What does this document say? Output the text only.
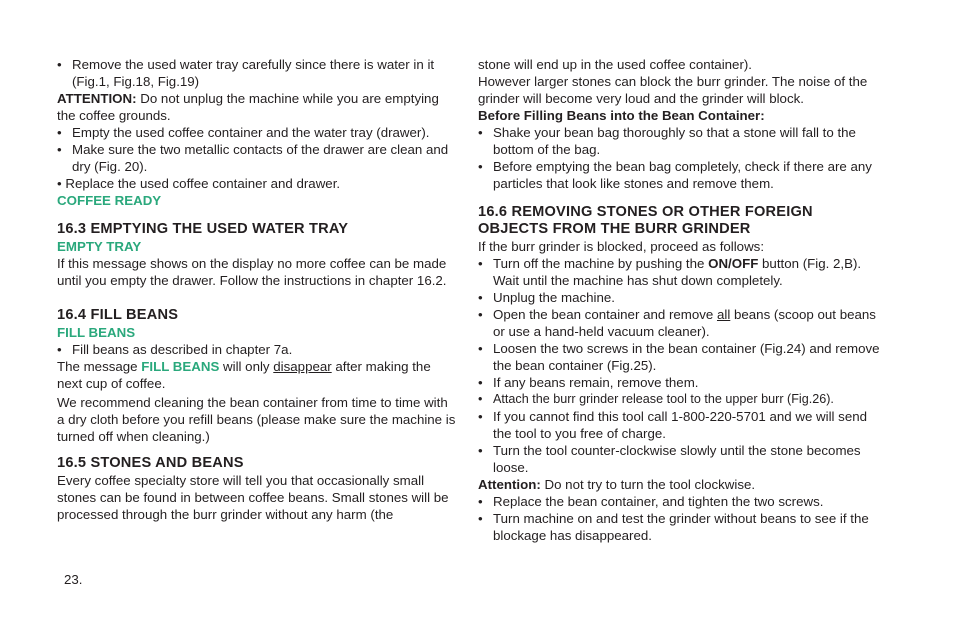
• Remove the used water tray carefully since there is water in it (Fig.1, Fig.18, Fig.19)

ATTENTION: Do not unplug the machine while you are emptying the coffee grounds.

• Empty the used coffee container and the water tray (drawer).

• Make sure the two metallic contacts of the drawer are clean and dry (Fig. 20).

• Replace the used coffee container and drawer.

COFFEE READY

16.3 EMPTYING THE USED WATER TRAY

EMPTY TRAY

If this message shows on the display no more coffee can be made until you empty the drawer. Follow the instructions in chapter 16.2.

16.4 FILL BEANS

FILL BEANS

• Fill beans as described in chapter 7a.

The message FILL BEANS will only disappear after making the next cup of coffee.

We recommend cleaning the bean container from time to time with a dry cloth before you refill beans (please make sure the machine is turned off when cleaning.)

16.5 STONES AND BEANS

Every coffee specialty store will tell you that occasionally small stones can be found in between coffee beans. Small stones will be processed through the burr grinder without any harm (the

stone will end up in the used coffee container).

However larger stones can block the burr grinder. The noise of the grinder will become very loud and the grinder will block.

Before Filling Beans into the Bean Container:

• Shake your bean bag thoroughly so that a stone will fall to the bottom of the bag.

• Before emptying the bean bag completely, check if there are any particles that look like stones and remove them.

16.6 REMOVING STONES OR OTHER FOREIGN OBJECTS FROM THE BURR GRINDER

If the burr grinder is blocked, proceed as follows:

• Turn off the machine by pushing the ON/OFF button (Fig. 2,B). Wait until the machine has shut down completely.

• Unplug the machine.

• Open the bean container and remove all beans (scoop out beans or use a hand-held vacuum cleaner).

• Loosen the two screws in the bean container (Fig.24) and remove the bean container (Fig.25).

• If any beans remain, remove them.

• Attach the burr grinder release tool to the upper burr (Fig.26).

• If you cannot find this tool call 1-800-220-5701 and we will send the tool to you free of charge.

• Turn the tool counter-clockwise slowly until the stone becomes loose.

Attention: Do not try to turn the tool clockwise.

• Replace the bean container, and tighten the two screws.

• Turn machine on and test the grinder without beans to see if the blockage has disappeared.

23.
